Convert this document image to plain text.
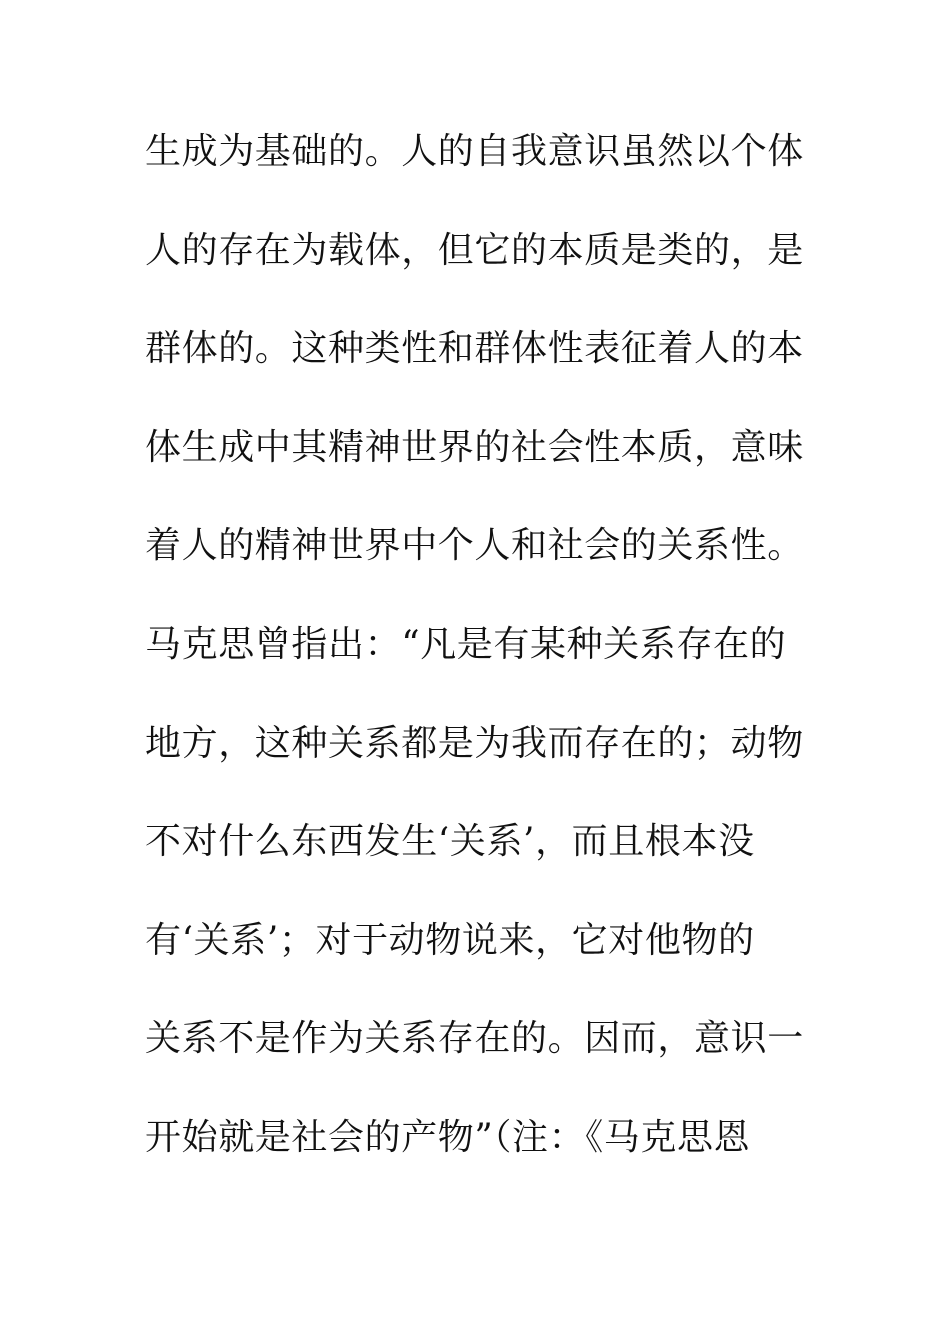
生成为基础的。人的自我意识虽然以个体
人的存在为载体，但它的本质是类的，是
群体的。这种类性和群体性表征着人的本
体生成中其精神世界的社会性本质，意味
着人的精神世界中个人和社会的关系性。
马克思曾指出：“凡是有某种关系存在的
地方，这种关系都是为我而存在的；动物
不对什么东西发生‘关系’，而且根本没
有‘关系’；对于动物说来，它对他物的
关系不是作为关系存在的。因而，意识一
开始就是社会的产物”（注：《马克思恩
